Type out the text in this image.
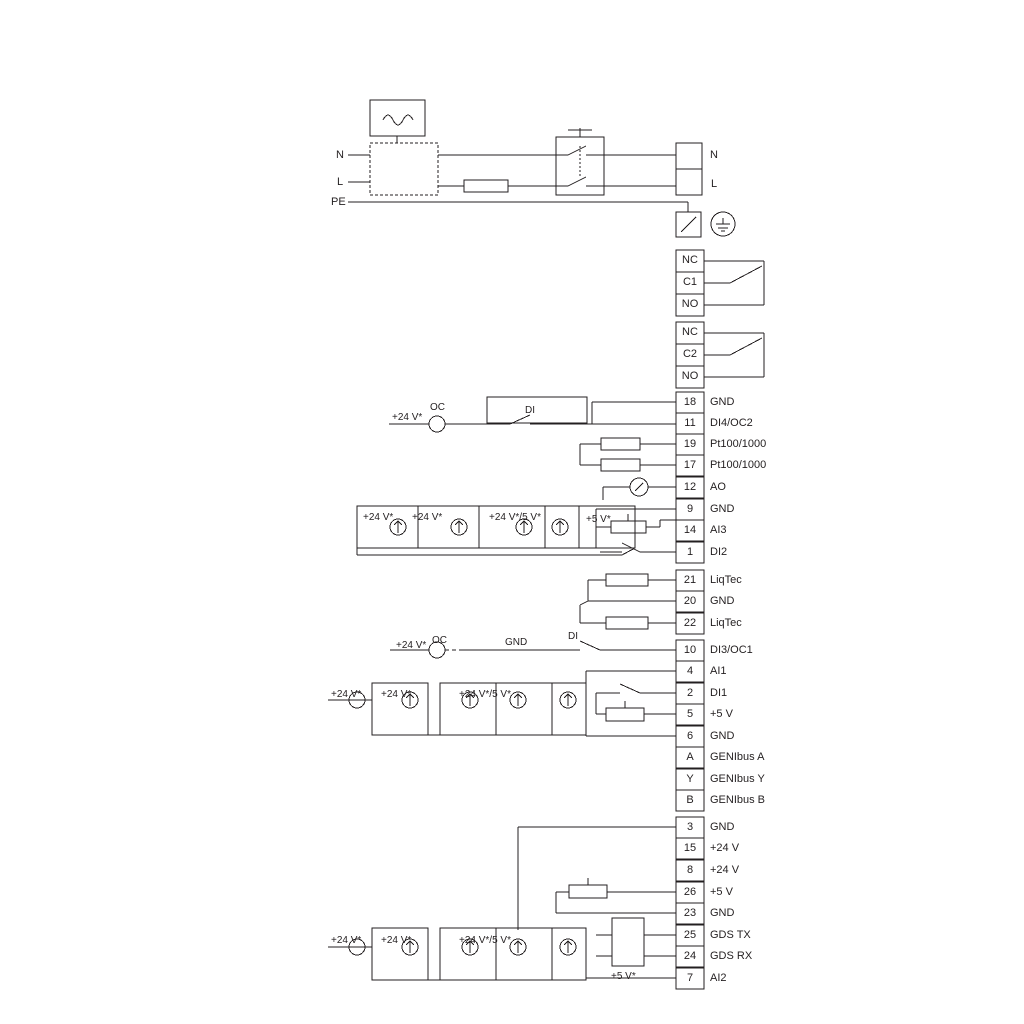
N
L
PE
N
L
NC
C1
NO
NC
C2
NO
18	GND
11	DI4/OC2
19	Pt100/1000
17	Pt100/1000
12	AO
9	GND
14	AI3
1	DI2
21	LiqTec
20	GND
22	LiqTec
10	DI3/OC1
4	AI1
2	DI1
5	+5 V
6	GND
A	GENIbus A
Y	GENIbus Y
B	GENIbus B
3	GND
15	+24 V
8	+24 V
26	+5 V
23	GND
25	GDS TX
24	GDS RX
7	AI2
+24 V*
OC	DI
+24 V* +24 V*	+24 V*/5 V*	+5 V*
+24 V* OC	GND
DI
+24 V* +24 V*	+24 V*/5 V*
+24 V* +24 V*	+24 V*/5 V*
+5 V*
